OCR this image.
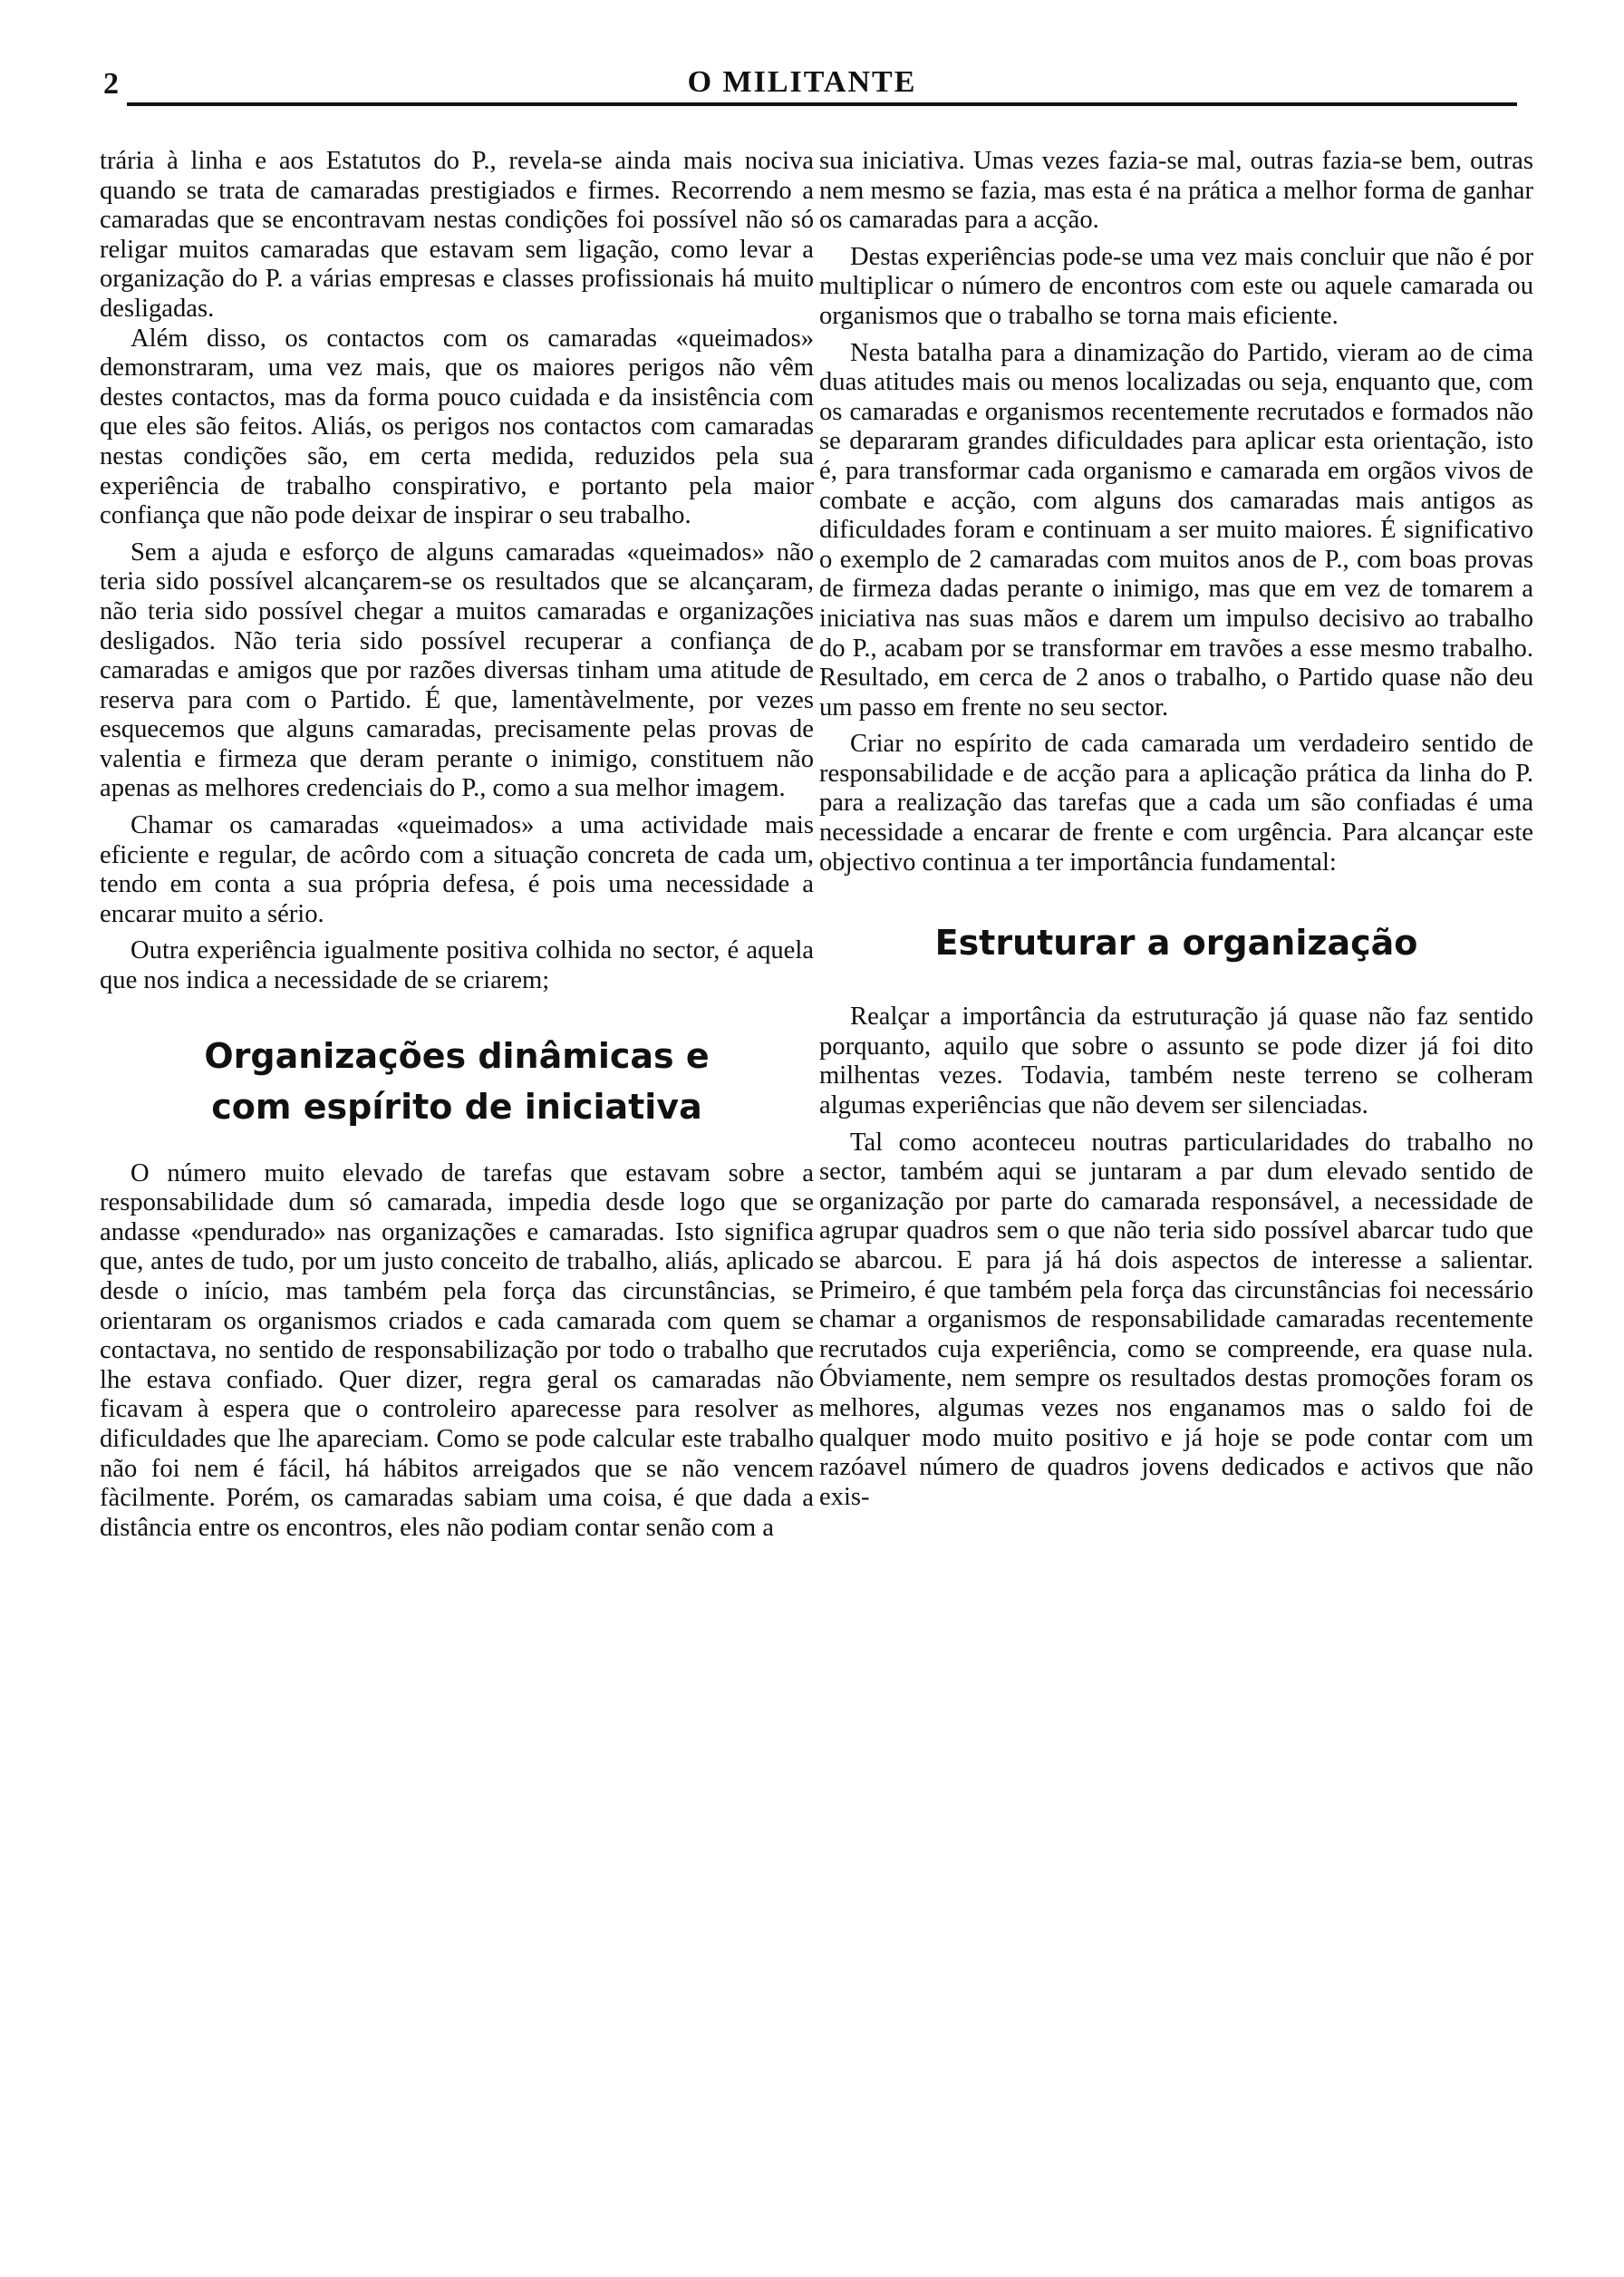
2	O MILITANTE

trária à linha e aos Estatutos do P., revela-se ainda mais nociva quando se trata de camaradas prestigiados e firmes. Recorrendo a camaradas que se encontravam nestas condições foi possível não só religar muitos camaradas que estavam sem ligação, como levar a organização do P. a várias empresas e classes profissionais há muito desligadas.

Além disso, os contactos com os camaradas «queimados» demonstraram, uma vez mais, que os maiores perigos não vêm destes contactos, mas da forma pouco cuidada e da insistência com que eles são feitos. Aliás, os perigos nos contactos com camaradas nestas condições são, em certa medida, reduzidos pela sua experiência de trabalho conspirativo, e portanto pela maior confiança que não pode deixar de inspirar o seu trabalho.

Sem a ajuda e esforço de alguns camaradas «queimados» não teria sido possível alcançarem-se os resultados que se alcançaram, não teria sido possível chegar a muitos camaradas e organizações desligados. Não teria sido possível recuperar a confiança de camaradas e amigos que por razões diversas tinham uma atitude de reserva para com o Partido. É que, lamentàvelmente, por vezes esquecemos que alguns camaradas, precisamente pelas provas de valentia e firmeza que deram perante o inimigo, constituem não apenas as melhores credenciais do P., como a sua melhor imagem.

Chamar os camaradas «queimados» a uma actividade mais eficiente e regular, de acôrdo com a situação concreta de cada um, tendo em conta a sua própria defesa, é pois uma necessidade a encarar muito a sério.

Outra experiência igualmente positiva colhida no sector, é aquela que nos indica a necessidade de se criarem;

Organizações dinâmicas e
com espírito de iniciativa

O número muito elevado de tarefas que estavam sobre a responsabilidade dum só camarada, impedia desde logo que se andasse «pendurado» nas organizações e camaradas. Isto significa que, antes de tudo, por um justo conceito de trabalho, aliás, aplicado desde o início, mas também pela força das circunstâncias, se orientaram os organismos criados e cada camarada com quem se contactava, no sentido de responsabilização por todo o trabalho que lhe estava confiado. Quer dizer, regra geral os camaradas não ficavam à espera que o controleiro aparecesse para resolver as dificuldades que lhe apareciam. Como se pode calcular este trabalho não foi nem é fácil, há hábitos arreigados que se não vencem fàcilmente. Porém, os camaradas sabiam uma coisa, é que dada a distância entre os encontros, eles não podiam contar senão com a

sua iniciativa. Umas vezes fazia-se mal, outras fazia-se bem, outras nem mesmo se fazia, mas esta é na prática a melhor forma de ganhar os camaradas para a acção.

Destas experiências pode-se uma vez mais concluir que não é por multiplicar o número de encontros com este ou aquele camarada ou organismos que o trabalho se torna mais eficiente.

Nesta batalha para a dinamização do Partido, vieram ao de cima duas atitudes mais ou menos localizadas ou seja, enquanto que, com os camaradas e organismos recentemente recrutados e formados não se depararam grandes dificuldades para aplicar esta orientação, isto é, para transformar cada organismo e camarada em orgãos vivos de combate e acção, com alguns dos camaradas mais antigos as dificuldades foram e continuam a ser muito maiores. É significativo o exemplo de 2 camaradas com muitos anos de P., com boas provas de firmeza dadas perante o inimigo, mas que em vez de tomarem a iniciativa nas suas mãos e darem um impulso decisivo ao trabalho do P., acabam por se transformar em travões a esse mesmo trabalho. Resultado, em cerca de 2 anos o trabalho, o Partido quase não deu um passo em frente no seu sector.

Criar no espírito de cada camarada um verdadeiro sentido de responsabilidade e de acção para a aplicação prática da linha do P. para a realização das tarefas que a cada um são confiadas é uma necessidade a encarar de frente e com urgência. Para alcançar este objectivo continua a ter importância fundamental:

Estruturar a organização

Realçar a importância da estruturação já quase não faz sentido porquanto, aquilo que sobre o assunto se pode dizer já foi dito milhentas vezes. Todavia, também neste terreno se colheram algumas experiências que não devem ser silenciadas.

Tal como aconteceu noutras particularidades do trabalho no sector, também aqui se juntaram a par dum elevado sentido de organização por parte do camarada responsável, a necessidade de agrupar quadros sem o que não teria sido possível abarcar tudo que se abarcou. E para já há dois aspectos de interesse a salientar. Primeiro, é que também pela força das circunstâncias foi necessário chamar a organismos de responsabilidade camaradas recentemente recrutados cuja experiência, como se compreende, era quase nula. Óbviamente, nem sempre os resultados destas promoções foram os melhores, algumas vezes nos enganamos mas o saldo foi de qualquer modo muito positivo e já hoje se pode contar com um razóavel número de quadros jovens dedicados e activos que não exis-
